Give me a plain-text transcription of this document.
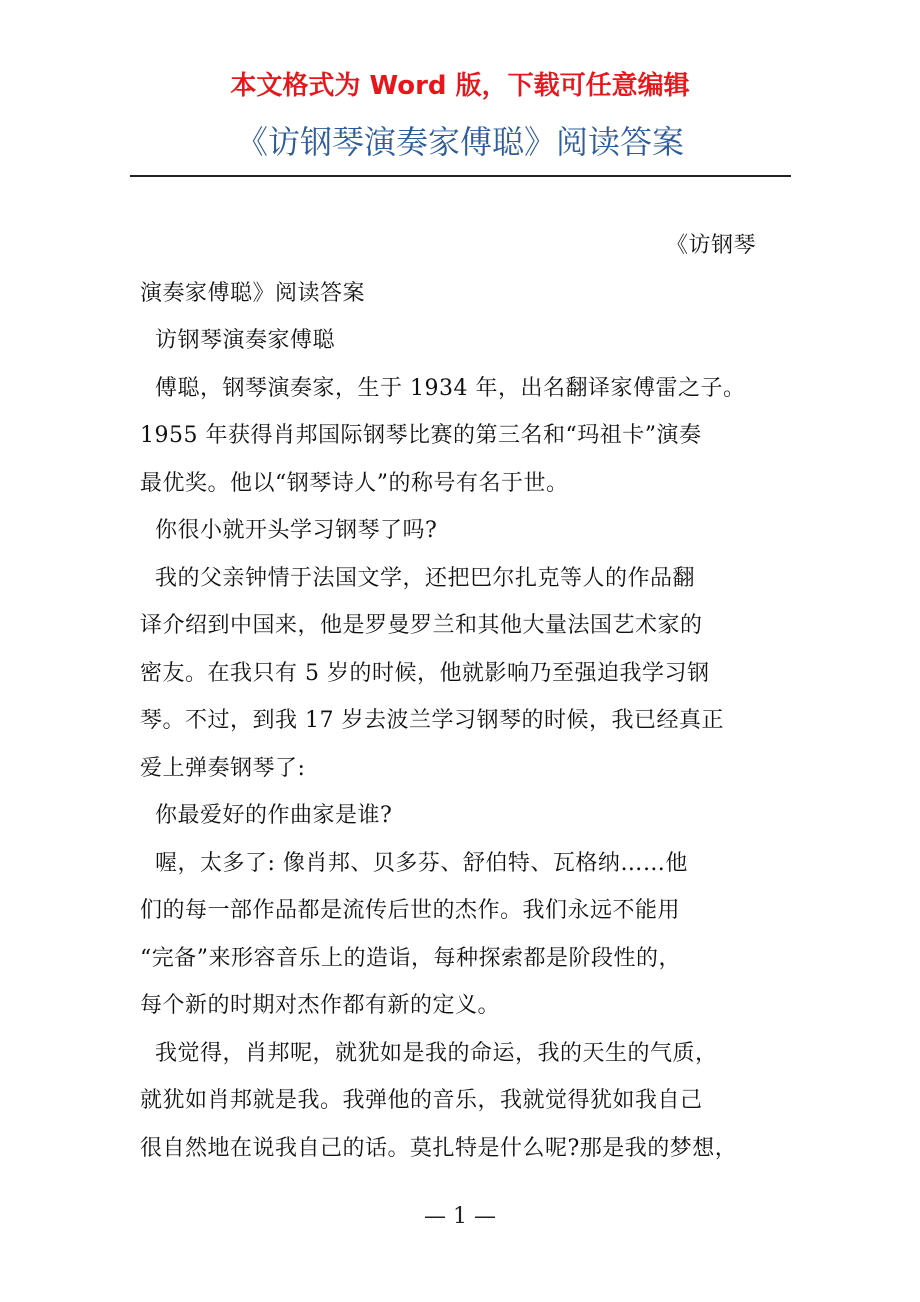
本文格式为 Word 版，下载可任意编辑
《访钢琴演奏家傅聪》阅读答案
《访钢琴
演奏家傅聪》阅读答案
访钢琴演奏家傅聪
傅聪，钢琴演奏家，生于 1934 年，出名翻译家傅雷之子。
1955 年获得肖邦国际钢琴比赛的第三名和“玛祖卡”演奏
最优奖。他以“钢琴诗人”的称号有名于世。
你很小就开头学习钢琴了吗?
我的父亲钟情于法国文学，还把巴尔扎克等人的作品翻
译介绍到中国来，他是罗曼罗兰和其他大量法国艺术家的
密友。在我只有 5 岁的时候，他就影响乃至强迫我学习钢
琴。不过，到我 17 岁去波兰学习钢琴的时候，我已经真正
爱上弹奏钢琴了:
你最爱好的作曲家是谁?
喔，太多了: 像肖邦、贝多芬、舒伯特、瓦格纳……他
们的每一部作品都是流传后世的杰作。我们永远不能用
“完备”来形容音乐上的造诣，每种探索都是阶段性的，
每个新的时期对杰作都有新的定义。
我觉得，肖邦呢，就犹如是我的命运，我的天生的气质，
就犹如肖邦就是我。我弹他的音乐，我就觉得犹如我自己
很自然地在说我自己的话。莫扎特是什么呢?那是我的梦想，
— 1 —
